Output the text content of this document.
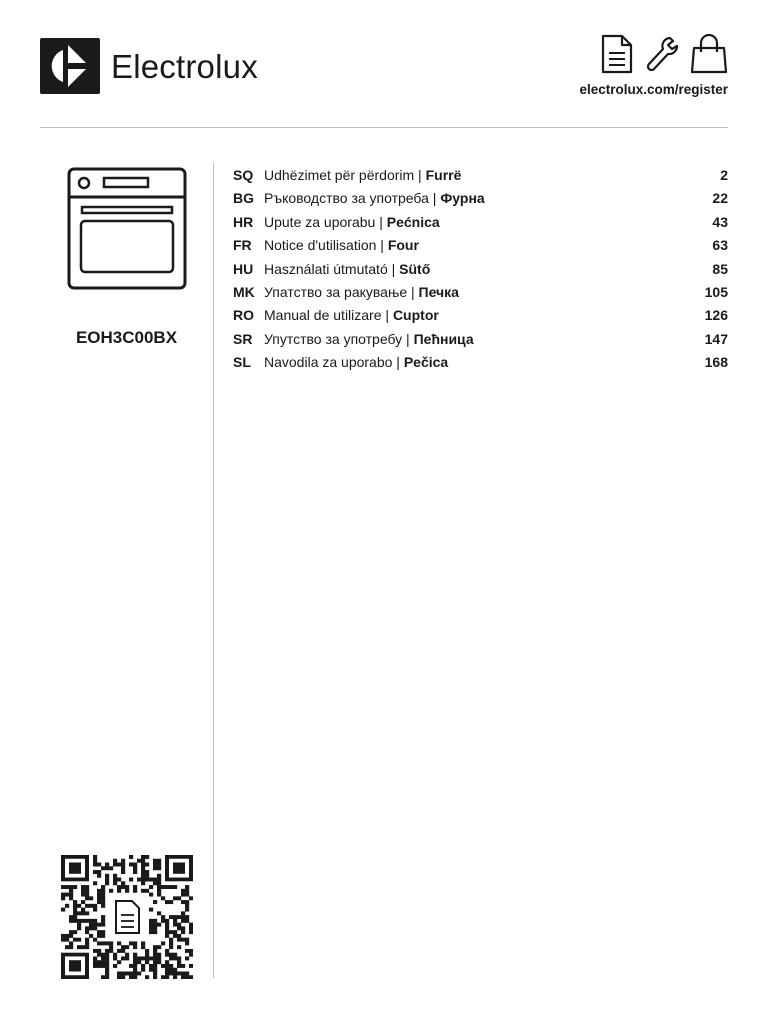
Electrolux
electrolux.com/register
EOH3C00BX
SQ Udhëzimet për përdorim | Furrë	2
BG Ръководство за употреба | Фурна	22
HR Upute za uporabu | Pećnica	43
FR Notice d'utilisation | Four	63
HU Használati útmutató | Sütő	85
MK Упатство за ракување | Печка	105
RO Manual de utilizare | Cuptor	126
SR Упутство за употребу | Пећница	147
SL Navodila za uporabo | Pečica	168
